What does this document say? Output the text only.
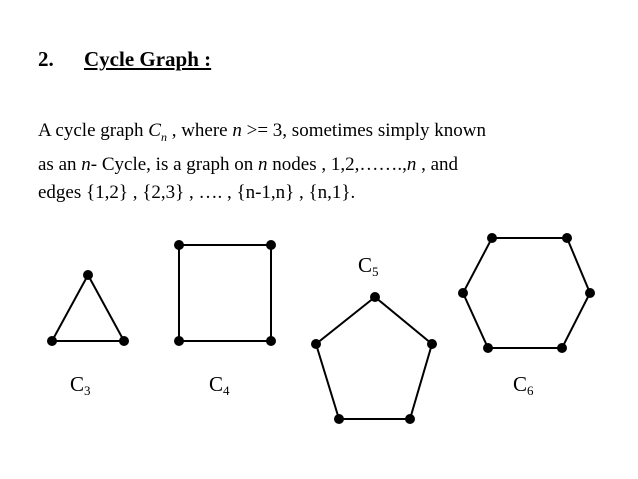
2. Cycle Graph :
A cycle graph $C_n$ , where n >= 3, sometimes simply known
as an n- Cycle, is a graph on n nodes , 1,2,…….,n , and
edges {1,2} , {2,3} , …. , {n-1,n} , {n,1}.
$C_3$	$C_4$
$C_5$
$C_6$
